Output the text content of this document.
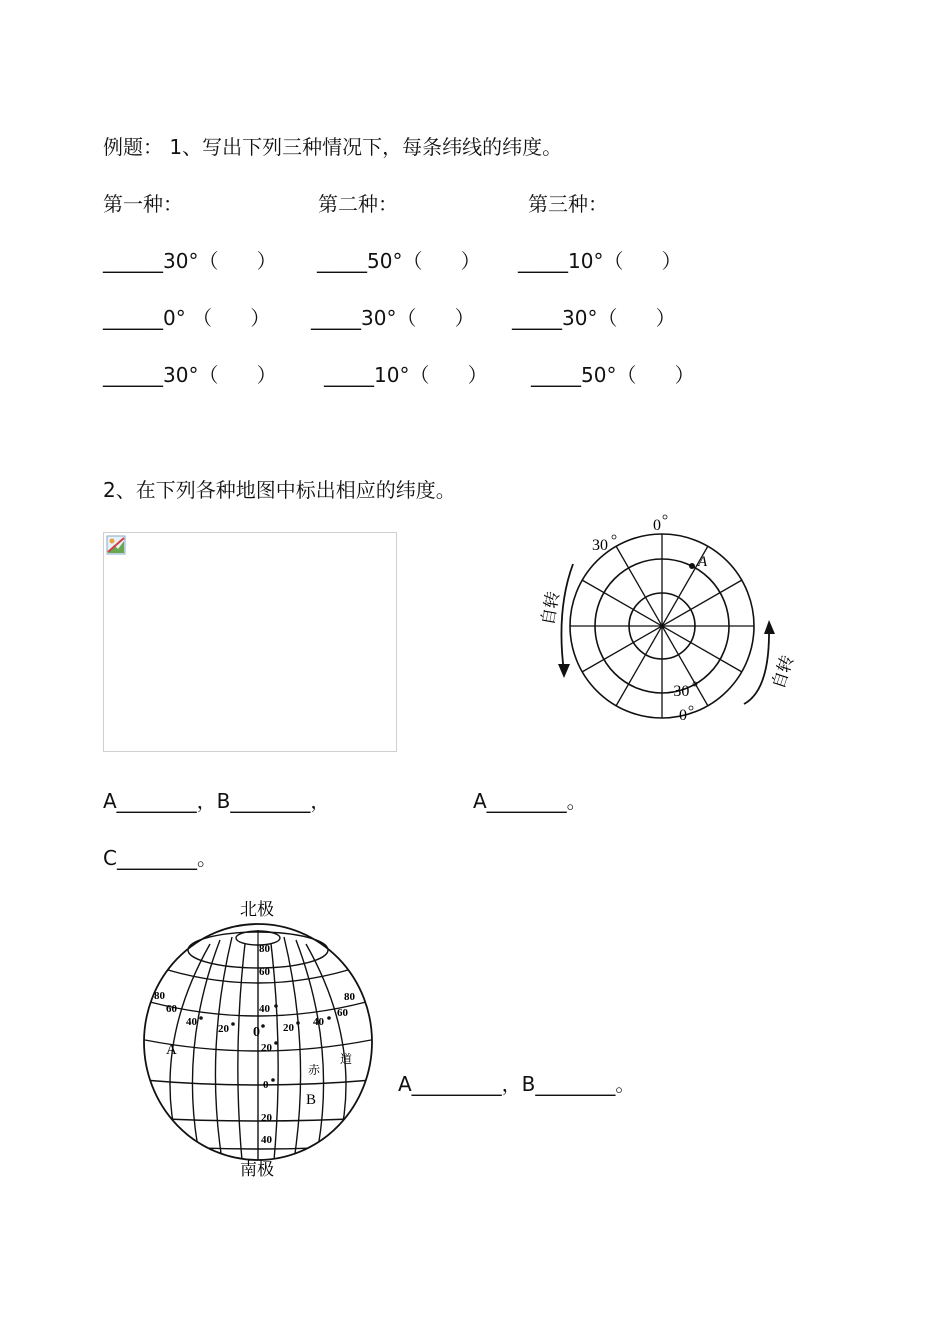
例题： 1、写出下列三种情况下，每条纬线的纬度。
第一种：	第二种：	第三种：
______30°（      ） _____50°（      ） _____10°（      ）
______0° （      ） _____30°（      ） _____30°（      ）
______30°（      ） _____10°（      ） _____50°（      ）
2、在下列各种地图中标出相应的纬度。
A
30
0
-30
0
自转
自转
A________，B________，	A________。
C________。
北极
南极
80
60
40
0
20
0
20
40
80
60
40
20	20 40
60
80
A
B
赤
道
A_________，B________。
